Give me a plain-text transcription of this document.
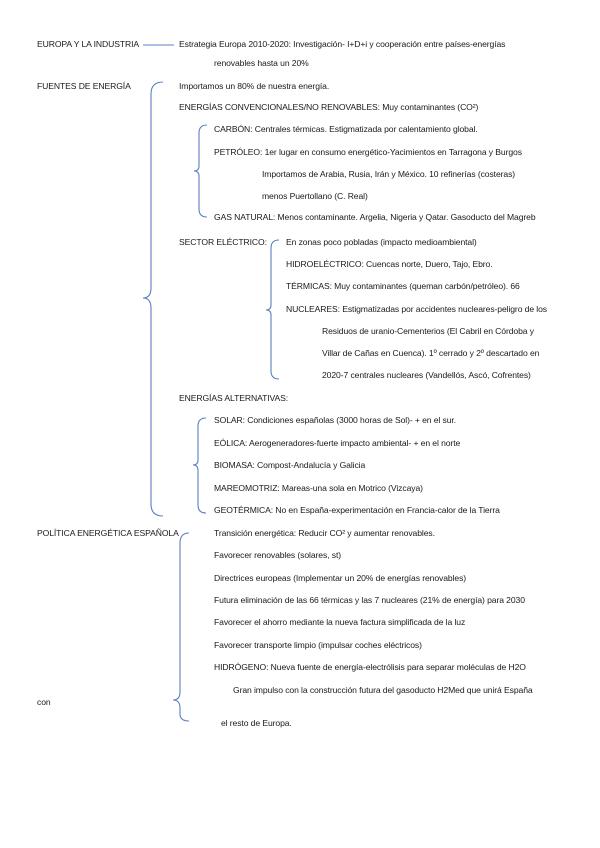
EUROPA Y LA INDUSTRIA	Estrategia Europa 2010-2020: Investigación- I+D+i y cooperación entre países-energías
renovables hasta un 20%
FUENTES DE ENERGÍA	Importamos un 80% de nuestra energía.
ENERGÍAS CONVENCIONALES/NO RENOVABLES: Muy contaminantes (CO²)
CARBÓN: Centrales térmicas. Estigmatizada por calentamiento global.
PETRÓLEO: 1er lugar en consumo energético-Yacimientos en Tarragona y Burgos
Importamos de Arabia, Rusia, Irán y México. 10 refinerías (costeras)
menos Puertollano (C. Real)
GAS NATURAL: Menos contaminante. Argelia, Nigeria y Qatar. Gasoducto del Magreb
SECTOR ELÉCTRICO: En zonas poco pobladas (impacto medioambiental)
HIDROELÉCTRICO: Cuencas norte, Duero, Tajo, Ebro.
TÉRMICAS: Muy contaminantes (queman carbón/petróleo). 66
NUCLEARES: Estigmatizadas por accidentes nucleares-peligro de los
Residuos de uranio-Cementerios (El Cabril en Córdoba y
Villar de Cañas en Cuenca). 1º cerrado y 2º descartado en
2020-7 centrales nucleares (Vandellós, Ascó, Cofrentes)
ENERGÍAS ALTERNATIVAS:
SOLAR: Condiciones españolas (3000 horas de Sol)- + en el sur.
EÓLICA: Aerogeneradores-fuerte impacto ambiental- + en el norte
BIOMASA: Compost-Andalucía y Galicia
MAREOMOTRIZ: Mareas-una sola en Motrico (Vizcaya)
GEOTÉRMICA: No en España-experimentación en Francia-calor de la Tierra
POLÍTICA ENERGÉTICA ESPAÑOLA	Transición energética: Reducir CO² y aumentar renovables.
Favorecer renovables (solares, st)
Directrices europeas (Implementar un 20% de energías renovables)
Futura eliminación de las 66 térmicas y las 7 nucleares (21% de energía) para 2030
Favorecer el ahorro mediante la nueva factura simplificada de la luz
Favorecer transporte limpio (impulsar coches eléctricos)
HIDRÓGENO: Nueva fuente de energía-electrólisis para separar moléculas de H2O
Gran impulso con la construcción futura del gasoducto H2Med que unirá España
con
el resto de Europa.
